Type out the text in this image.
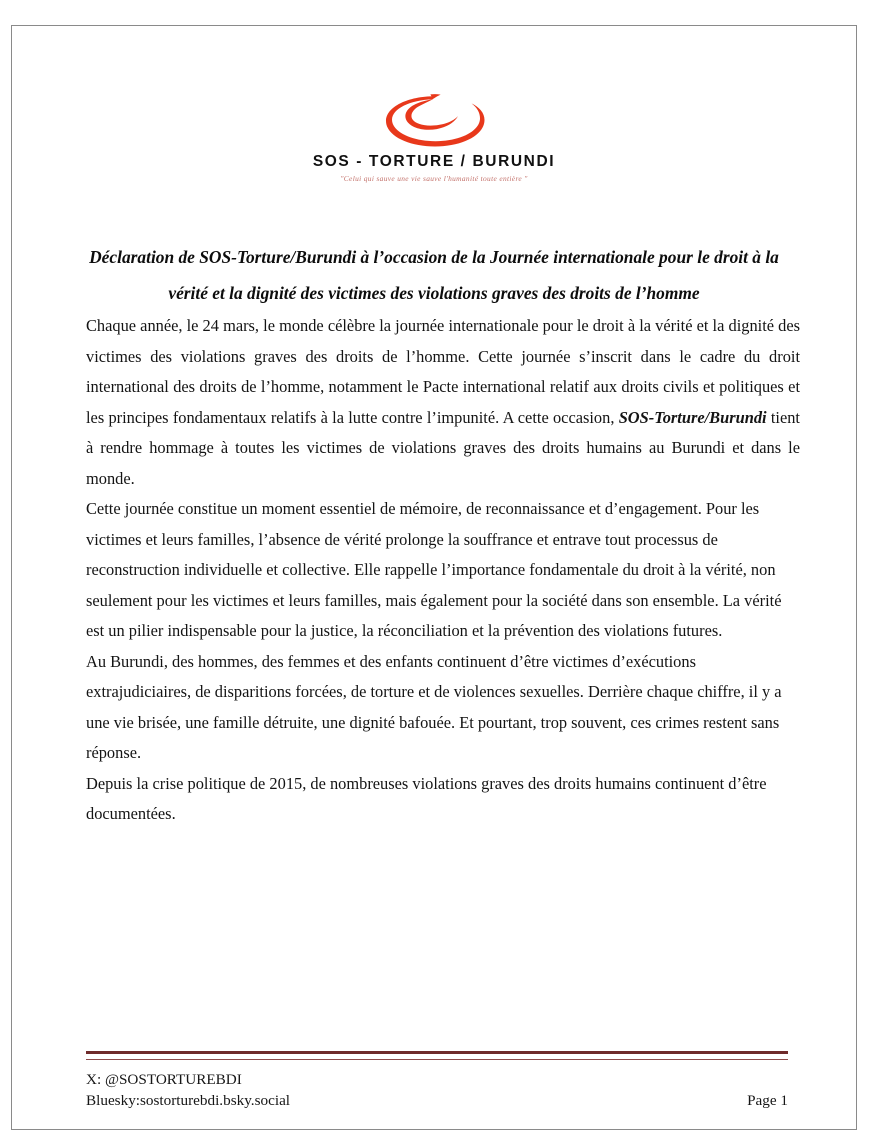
SOS - TORTURE / BURUNDI
"Celui qui sauve une vie sauve l'humanité toute entière "
Déclaration de SOS-Torture/Burundi à l’occasion de la Journée internationale pour le droit à la vérité et la dignité des victimes des violations graves des droits de l’homme

Chaque année, le 24 mars, le monde célèbre la journée internationale pour le droit à la vérité et la dignité des victimes des violations graves des droits de l’homme. Cette journée s’inscrit dans le cadre du droit international des droits de l’homme, notamment le Pacte international relatif aux droits civils et politiques et les principes fondamentaux relatifs à la lutte contre l’impunité. A cette occasion, SOS-Torture/Burundi tient à rendre hommage à toutes les victimes de violations graves des droits humains au Burundi et dans le monde.

Cette journée constitue un moment essentiel de mémoire, de reconnaissance et d’engagement. Pour les victimes et leurs familles, l’absence de vérité prolonge la souffrance et entrave tout processus de reconstruction individuelle et collective. Elle rappelle l’importance fondamentale du droit à la vérité, non seulement pour les victimes et leurs familles, mais également pour la société dans son ensemble. La vérité est un pilier indispensable pour la justice, la réconciliation et la prévention des violations futures.

Au Burundi, des hommes, des femmes et des enfants continuent d’être victimes d’exécutions extrajudiciaires, de disparitions forcées, de torture et de violences sexuelles. Derrière chaque chiffre, il y a une vie brisée, une famille détruite, une dignité bafouée. Et pourtant, trop souvent, ces crimes restent sans réponse.

Depuis la crise politique de 2015, de nombreuses violations graves des droits humains continuent d’être documentées.

X: @SOSTORTUREBDI
Bluesky:sostorturebdi.bsky.social	Page 1
